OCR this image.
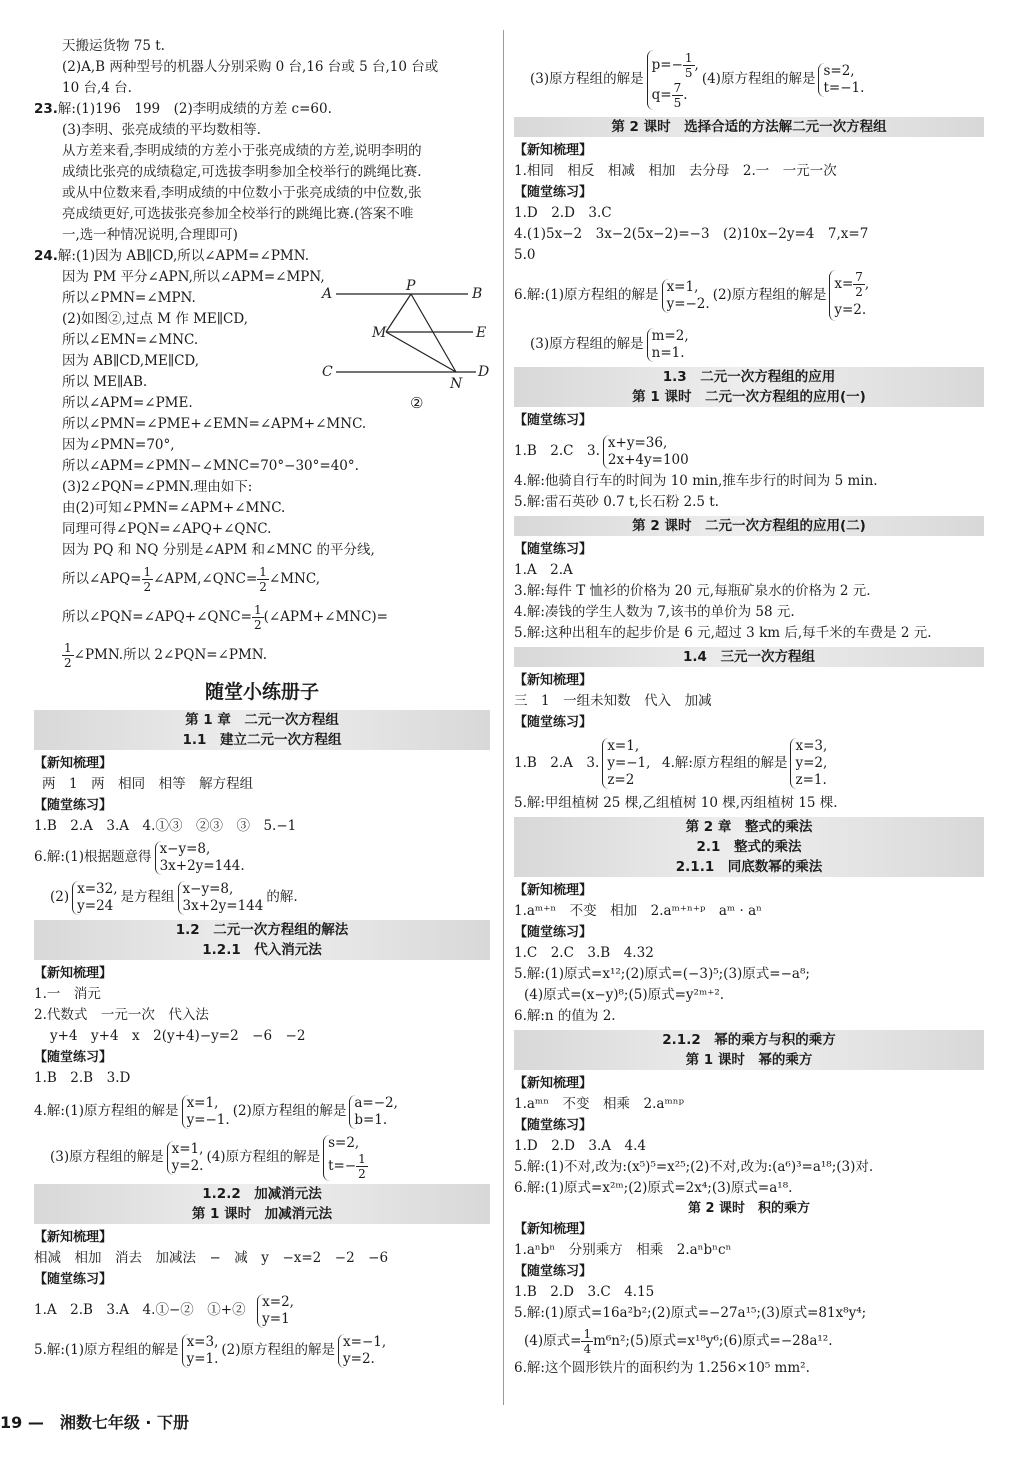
天搬运货物 75 t.
(2)A,B 两种型号的机器人分别采购 0 台,16 台或 5 台,10 台或
10 台,4 台.
23.解:(1)196　199　(2)李明成绩的方差 c=60.
(3)李明、张亮成绩的平均数相等.
从方差来看,李明成绩的方差小于张亮成绩的方差,说明李明的
成绩比张亮的成绩稳定,可选拔李明参加全校举行的跳绳比赛.
或从中位数来看,李明成绩的中位数小于张亮成绩的中位数,张
亮成绩更好,可选拔张亮参加全校举行的跳绳比赛.(答案不唯
一,选一种情况说明,合理即可)
24.解:(1)因为 AB∥CD,所以∠APM=∠PMN.
因为 PM 平分∠APN,所以∠APM=∠MPN,
所以∠PMN=∠MPN.
(2)如图②,过点 M 作 ME∥CD,
所以∠EMN=∠MNC.
因为 AB∥CD,ME∥CD,
所以 ME∥AB.
所以∠APM=∠PME.
所以∠PMN=∠PME+∠EMN=∠APM+∠MNC.
因为∠PMN=70°,
所以∠APM=∠PMN−∠MNC=70°−30°=40°.
(3)2∠PQN=∠PMN.理由如下:
由(2)可知∠PMN=∠APM+∠MNC.
同理可得∠PQN=∠APQ+∠QNC.
因为 PQ 和 NQ 分别是∠APM 和∠MNC 的平分线,
所以∠APQ= $\frac{1}{2}$ ∠APM,∠QNC= $\frac{1}{2}$ ∠MNC,
所以∠PQN=∠APQ+∠QNC= $\frac{1}{2}$ (∠APM+∠MNC)=
$\frac{1}{2}$ ∠PMN.所以 2∠PQN=∠PMN.
随堂小练册子
第 1 章　二元一次方程组
1.1　建立二元一次方程组
【新知梳理】
两　1　两　相同　相等　解方程组
【随堂练习】
1.B　2.A　3.A　4.①③　②③　③　5.−1
6.解:(1)根据题意得x−y=8,
3x+2y=144.
(2)x=32,
y=24是方程组x−y=8,
3x+2y=144的解.
1.2　二元一次方程组的解法
1.2.1　代入消元法
【新知梳理】
1.一　消元
2.代数式　一元一次　代入法
y+4　y+4　x　2(y+4)−y=2　−6　−2
【随堂练习】
1.B　2.B　3.D
4.解:(1)原方程组的解是x=1,
y=−1.(2)原方程组的解是a=−2,
b=1.
(3)原方程组的解是x=1,
y=2.(4)原方程组的解是s=2,
$t=- \frac{1}{2}$
1.2.2　加减消元法
第 1 课时　加减消元法
【新知梳理】
相减　相加　消去　加减法　−　减　y　−x=2　−2　−6
【随堂练习】
1.A　2.B　3.A　4.①−②　①+②  x=2,
y=1
5.解:(1)原方程组的解是x=3,
y=1.(2)原方程组的解是x=−1,
y=2.
A	P	B
M	E
C
N
D
②
(3)原方程组的解是$p=- \frac{1}{5}$ ,
$q= \frac{7}{5} .(4)$原方程组的解是s=2,
t=−1.
第 2 课时　选择合适的方法解二元一次方程组
【新知梳理】
1.相同　相反　相减　相加　去分母　2.一　一元一次
【随堂练习】
1.D　2.D　3.C
4.(1)5x−2　3x−2(5x−2)=−3　(2)10x−2y=4　7,x=7
5.0
6.解:(1)原方程组的解是x=1,
y=−2.(2)原方程组的解是$x= \frac{7}{2}$ ,
y=2.
(3)原方程组的解是m=2,
n=1.
1.3　二元一次方程组的应用
第 1 课时　二元一次方程组的应用(一)
【随堂练习】
1.B　2.C　3.x+y=36,
2x+4y=100
4.解:他骑自行车的时间为 10 min,推车步行的时间为 5 min.
5.解:雷石英砂 0.7 t,长石粉 2.5 t.
第 2 课时　二元一次方程组的应用(二)
【随堂练习】
1.A　2.A
3.解:每件 T 恤衫的价格为 20 元,每瓶矿泉水的价格为 2 元.
4.解:凑钱的学生人数为 7,该书的单价为 58 元.
5.解:这种出租车的起步价是 6 元,超过 3 km 后,每千米的车费是 2 元.
1.4　三元一次方程组
【新知梳理】
三　1　一组未知数　代入　加减
【随堂练习】
1.B　2.A　3.x=1,
y=−1,
z=2  4.解:原方程组的解是x=3,
y=2,
z=1.
5.解:甲组植树 25 棵,乙组植树 10 棵,丙组植树 15 棵.
第 2 章　整式的乘法
2.1　整式的乘法
2.1.1　同底数幂的乘法
【新知梳理】
1.aᵐ⁺ⁿ　不变　相加　2.aᵐ⁺ⁿ⁺ᵖ　aᵐ · aⁿ
【随堂练习】
1.C　2.C　3.B　4.32
5.解:(1)原式=x¹²;(2)原式=(−3)⁵;(3)原式=−a⁸;
(4)原式=(x−y)⁸;(5)原式=y²ᵐ⁺².
6.解:n 的值为 2.
2.1.2　幂的乘方与积的乘方
第 1 课时　幂的乘方
【新知梳理】
1.aᵐⁿ　不变　相乘　2.aᵐⁿᵖ
【随堂练习】
1.D　2.D　3.A　4.4
5.解:(1)不对,改为:(x⁵)⁵=x²⁵;(2)不对,改为:(a⁶)³=a¹⁸;(3)对.
6.解:(1)原式=x²ᵐ;(2)原式=2x⁴;(3)原式=a¹⁸.
第 2 课时　积的乘方
【新知梳理】
1.aⁿbⁿ　分别乘方　相乘　2.aⁿbⁿcⁿ
【随堂练习】
1.B　2.D　3.C　4.15
5.解:(1)原式=16a²b²;(2)原式=−27a¹⁵;(3)原式=81x⁸y⁴;
(4)原式= $\frac{1}{4}$ m⁶n²;(5)原式=x¹⁸y⁶;(6)原式=−28a¹².
6.解:这个圆形铁片的面积约为 1.256×10⁵ mm².
19 —　湘数七年级 · 下册
